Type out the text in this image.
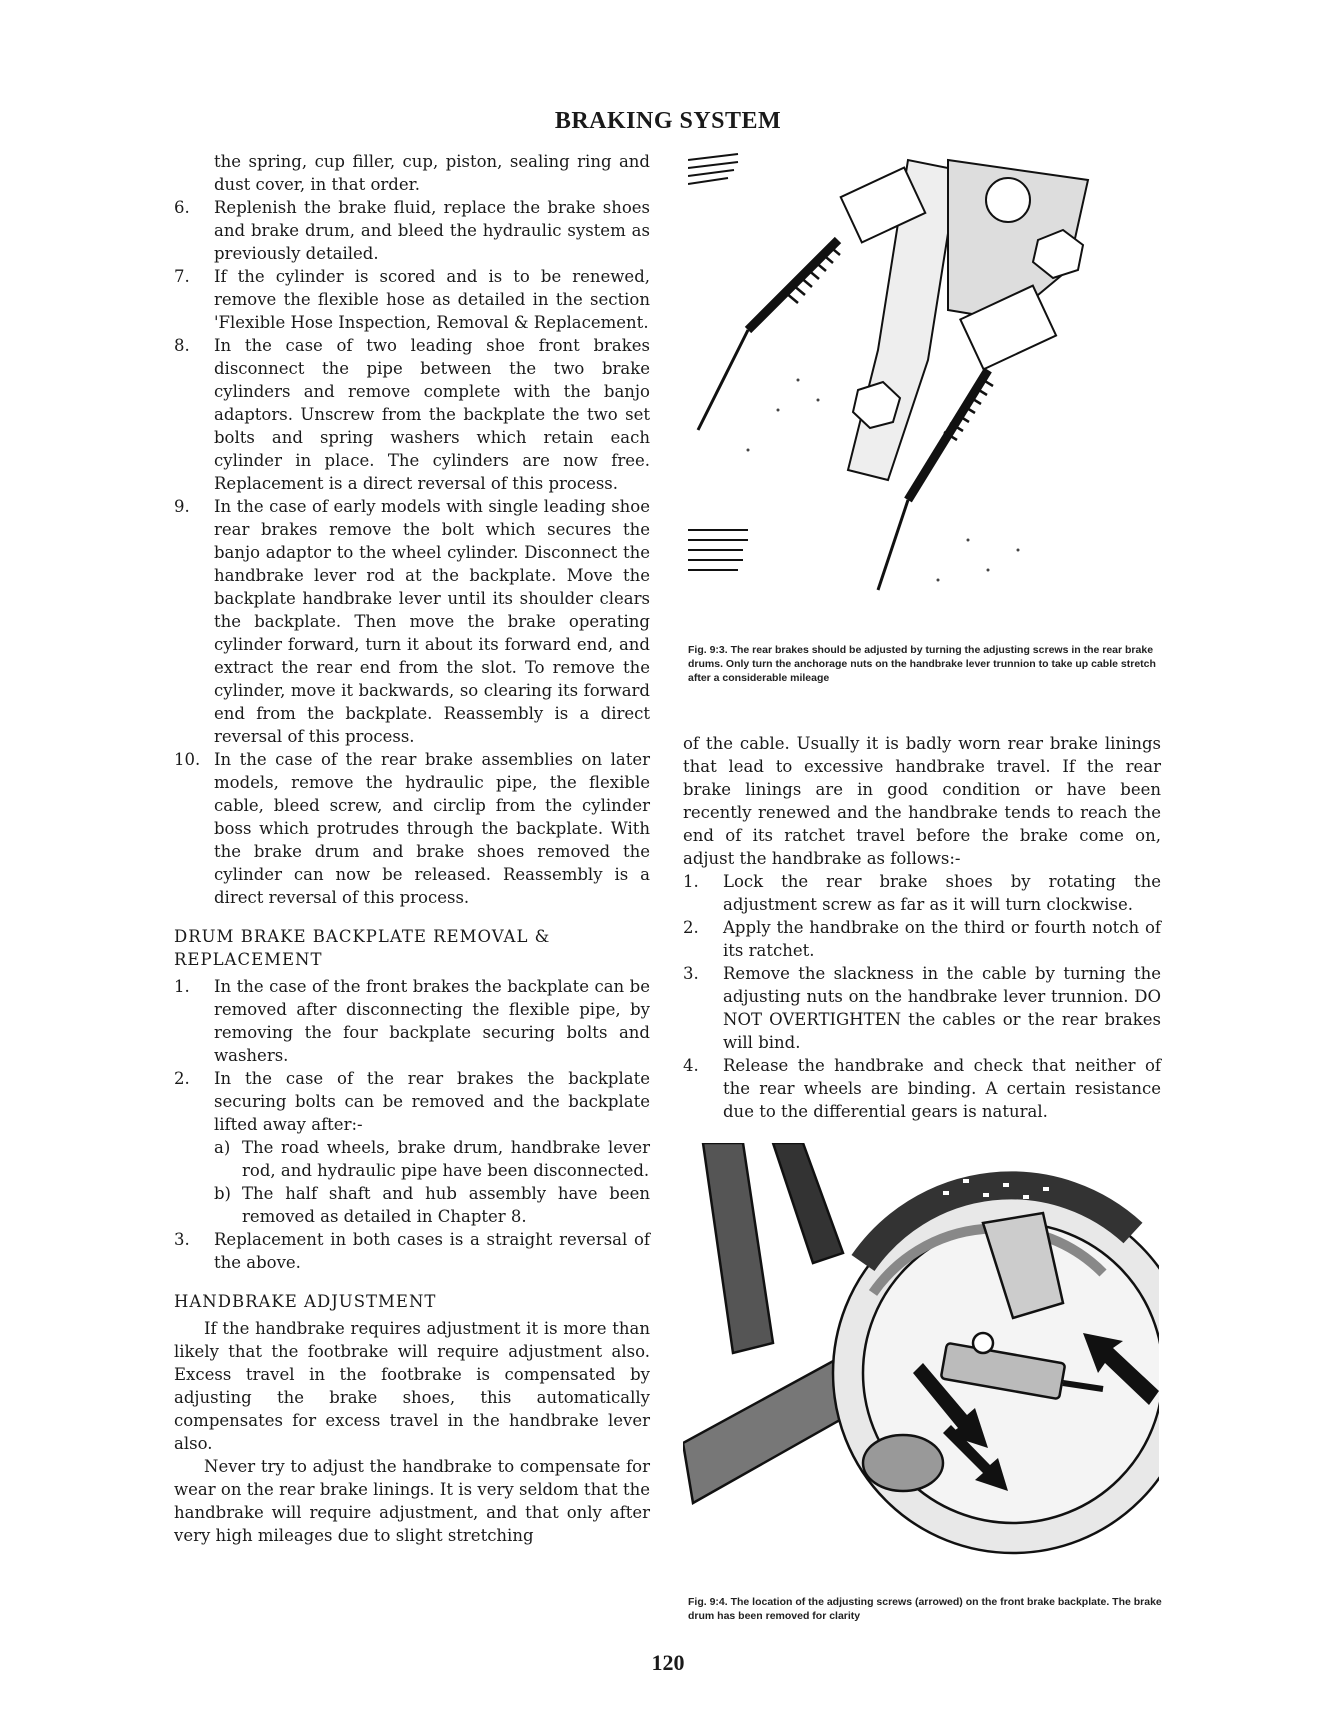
BRAKING SYSTEM
the spring, cup filler, cup, piston, sealing ring and dust cover, in that order.
6.	Replenish the brake fluid, replace the brake shoes and brake drum, and bleed the hydraulic system as previously detailed.
7.	If the cylinder is scored and is to be renewed, remove the flexible hose as detailed in the section 'Flexible Hose Inspection, Removal & Replacement.
8.	In the case of two leading shoe front brakes disconnect the pipe between the two brake cylinders and remove complete with the banjo adaptors. Unscrew from the backplate the two set bolts and spring washers which retain each cylinder in place. The cylinders are now free. Replacement is a direct reversal of this process.
9.	In the case of early models with single leading shoe rear brakes remove the bolt which secures the banjo adaptor to the wheel cylinder. Disconnect the handbrake lever rod at the backplate. Move the backplate handbrake lever until its shoulder clears the backplate. Then move the brake operating cylinder forward, turn it about its forward end, and extract the rear end from the slot. To remove the cylinder, move it backwards, so clearing its forward end from the backplate. Reassembly is a direct reversal of this process.
10. In the case of the rear brake assemblies on later models, remove the hydraulic pipe, the flexible cable, bleed screw, and circlip from the cylinder boss which protrudes through the backplate. With the brake drum and brake shoes removed the cylinder can now be released. Reassembly is a direct reversal of this process.
DRUM BRAKE BACKPLATE REMOVAL & REPLACEMENT
1.	In the case of the front brakes the backplate can be removed after disconnecting the flexible pipe, by removing the four backplate securing bolts and washers.
2.	In the case of the rear brakes the backplate securing bolts can be removed and the backplate lifted away after:-
a) The road wheels, brake drum, handbrake lever rod, and hydraulic pipe have been disconnected.
b) The half shaft and hub assembly have been removed as detailed in Chapter 8.
3.	Replacement in both cases is a straight reversal of the above.
HANDBRAKE ADJUSTMENT
If the handbrake requires adjustment it is more than likely that the footbrake will require adjustment also. Excess travel in the footbrake is compensated by adjusting the brake shoes, this automatically compensates for excess travel in the handbrake lever also.
Never try to adjust the handbrake to compensate for wear on the rear brake linings. It is very seldom that the handbrake will require adjustment, and that only after very high mileages due to slight stretching
Fig. 9:3. The rear brakes should be adjusted by turning the adjusting screws in the rear brake drums. Only turn the anchorage nuts on the handbrake lever trunnion to take up cable stretch after a considerable mileage
of the cable. Usually it is badly worn rear brake linings that lead to excessive handbrake travel. If the rear brake linings are in good condition or have been recently renewed and the handbrake tends to reach the end of its ratchet travel before the brake come on, adjust the handbrake as follows:-
1.	Lock the rear brake shoes by rotating the adjustment screw as far as it will turn clockwise.
2.	Apply the handbrake on the third or fourth notch of its ratchet.
3.	Remove the slackness in the cable by turning the adjusting nuts on the handbrake lever trunnion. DO NOT OVERTIGHTEN the cables or the rear brakes will bind.
4.	Release the handbrake and check that neither of the rear wheels are binding. A certain resistance due to the differential gears is natural.
Fig. 9:4. The location of the adjusting screws (arrowed) on the front brake backplate. The brake drum has been removed for clarity
120
